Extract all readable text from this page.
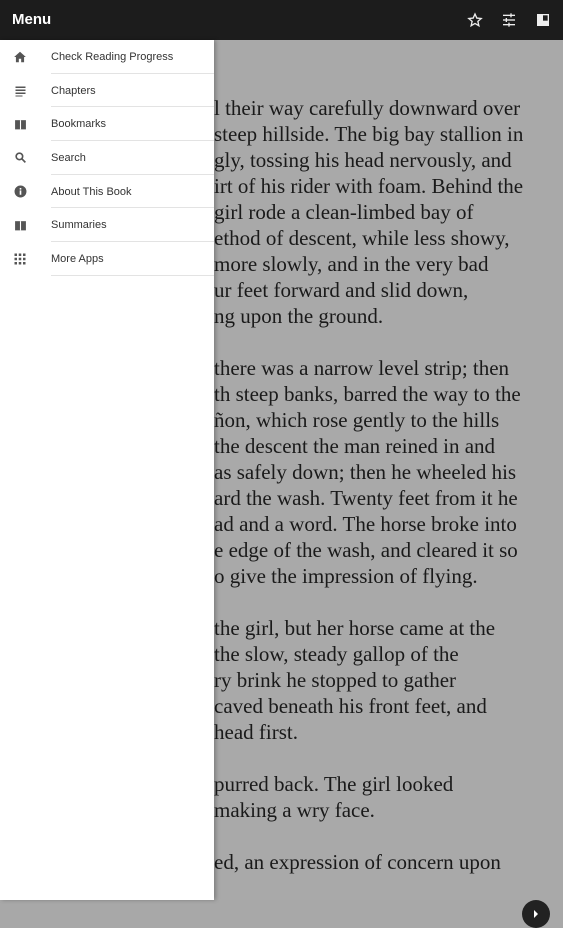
Menu
l their way carefully downward over
steep hillside. The big bay stallion in
gly, tossing his head nervously, and
irt of his rider with foam. Behind the
girl rode a clean-limbed bay of
ethod of descent, while less showy,
more slowly, and in the very bad
ur feet forward and slid down,
ng upon the ground.
there was a narrow level strip; then
th steep banks, barred the way to the
ñon, which rose gently to the hills
the descent the man reined in and
as safely down; then he wheeled his
ard the wash. Twenty feet from it he
ad and a word. The horse broke into
e edge of the wash, and cleared it so
o give the impression of flying.
the girl, but her horse came at the
the slow, steady gallop of the
ry brink he stopped to gather
caved beneath his front feet, and
head first.
purred back. The girl looked
making a wry face.
ed, an expression of concern upon
Check Reading Progress
Chapters
Bookmarks
Search
About This Book
Summaries
More Apps
